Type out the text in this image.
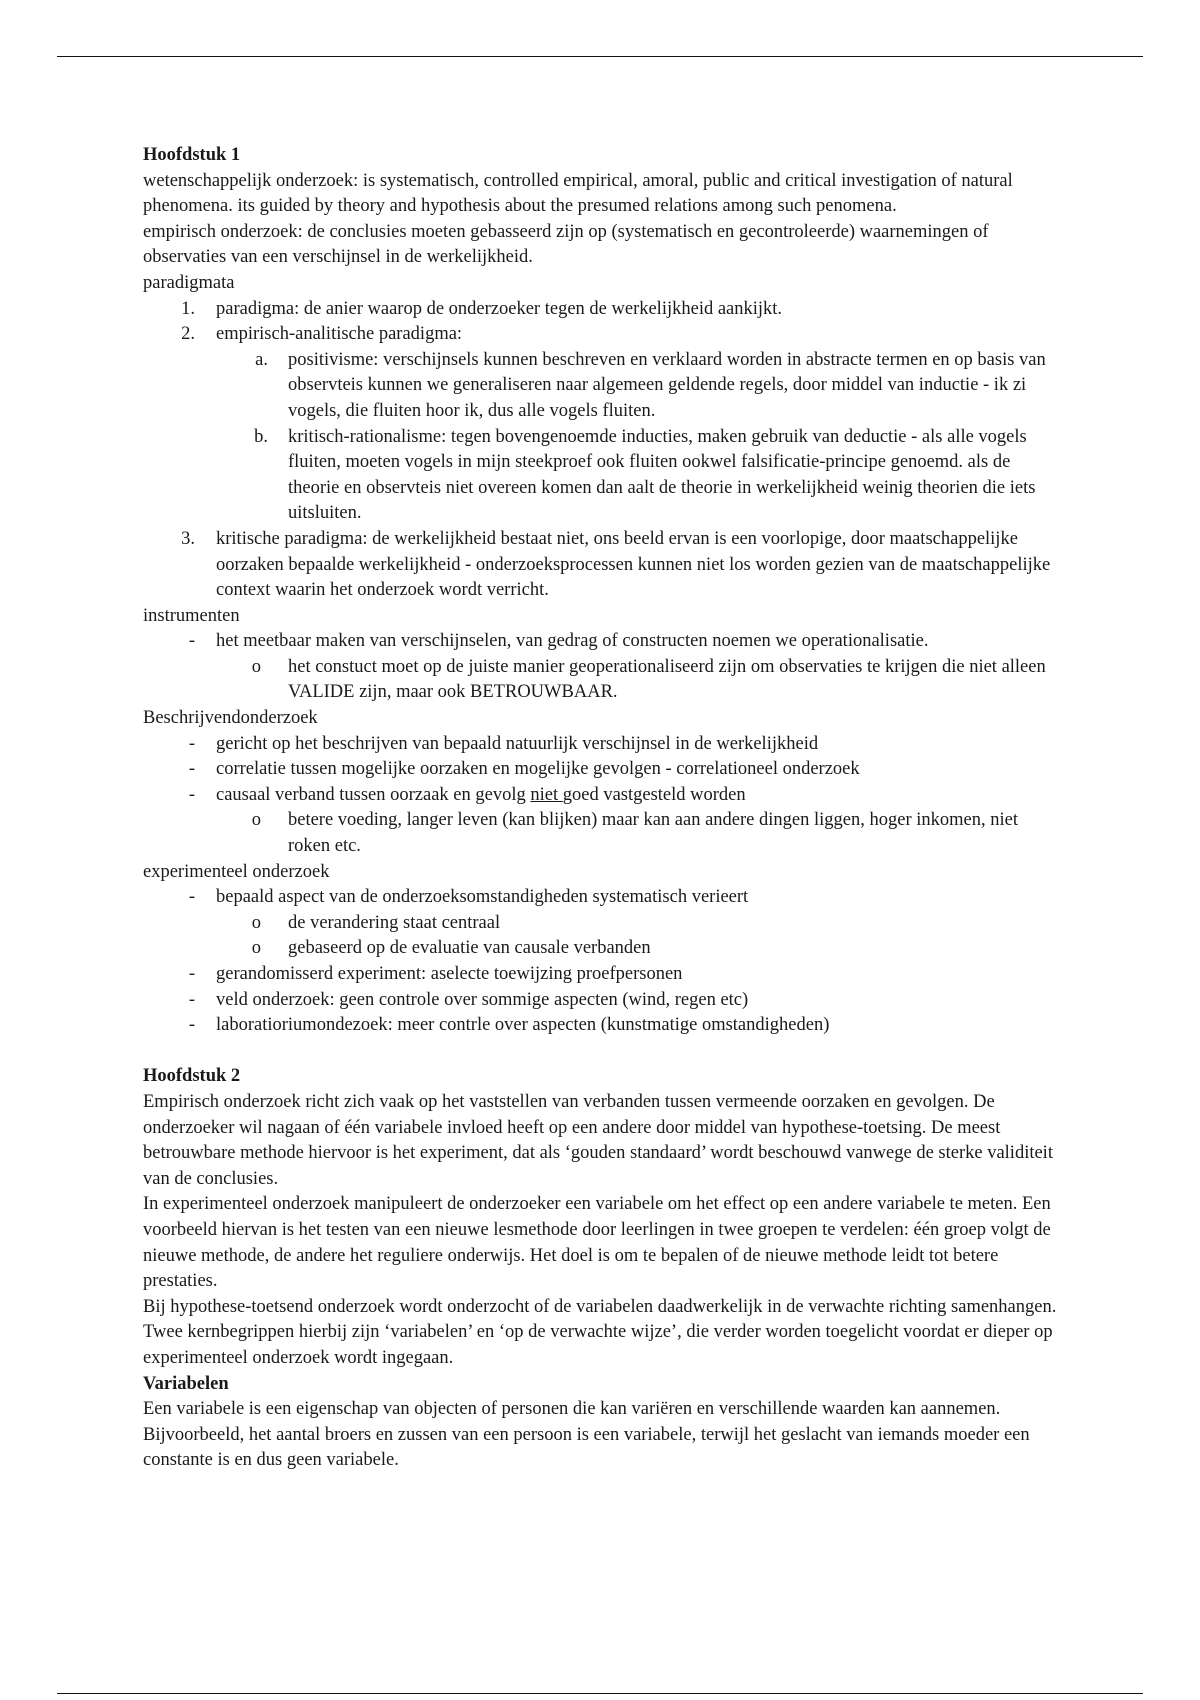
Hoofdstuk 1
wetenschappelijk onderzoek: is systematisch, controlled empirical, amoral, public and critical investigation of natural phenomena. its guided by theory and hypothesis about the presumed relations among such penomena.
empirisch onderzoek: de conclusies moeten gebasseerd zijn op (systematisch en gecontroleerde) waarnemingen of observaties van een verschijnsel in de werkelijkheid.
paradigmata
1. paradigma: de anier waarop de onderzoeker tegen de werkelijkheid aankijkt.
2. empirisch-analitische paradigma:
a. positivisme: verschijnsels kunnen beschreven en verklaard worden in abstracte termen en op basis van observteis kunnen we generaliseren naar algemeen geldende regels, door middel van inductie - ik zi vogels, die fluiten hoor ik, dus alle vogels fluiten.
b. kritisch-rationalisme: tegen bovengenoemde inducties, maken gebruik van deductie - als alle vogels fluiten, moeten vogels in mijn steekproef ook fluiten ookwel falsificatie-principe genoemd. als de theorie en observteis niet overeen komen dan aalt de theorie in werkelijkheid weinig theorien die iets uitsluiten.
3. kritische paradigma: de werkelijkheid bestaat niet, ons beeld ervan is een voorlopige, door maatschappelijke oorzaken bepaalde werkelijkheid - onderzoeksprocessen kunnen niet los worden gezien van de maatschappelijke context waarin het onderzoek wordt verricht.
instrumenten
- het meetbaar maken van verschijnselen, van gedrag of constructen noemen we operationalisatie.
o het constuct moet op de juiste manier geoperationaliseerd zijn om observaties te krijgen die niet alleen VALIDE zijn, maar ook BETROUWBAAR.
Beschrijvendonderzoek
- gericht op het beschrijven van bepaald natuurlijk verschijnsel in de werkelijkheid
- correlatie tussen mogelijke oorzaken en mogelijke gevolgen - correlationeel onderzoek
- causaal verband tussen oorzaak en gevolg niet goed vastgesteld worden
o betere voeding, langer leven (kan blijken) maar kan aan andere dingen liggen, hoger inkomen, niet roken etc.
experimenteel onderzoek
- bepaald aspect van de onderzoeksomstandigheden systematisch verieert
o de verandering staat centraal
o gebaseerd op de evaluatie van causale verbanden
- gerandomisserd experiment: aselecte toewijzing proefpersonen
- veld onderzoek: geen controle over sommige aspecten (wind, regen etc)
- laboratioriumondezoek: meer contrle over aspecten (kunstmatige omstandigheden)
Hoofdstuk 2
Empirisch onderzoek richt zich vaak op het vaststellen van verbanden tussen vermeende oorzaken en gevolgen. De onderzoeker wil nagaan of één variabele invloed heeft op een andere door middel van hypothese-toetsing. De meest betrouwbare methode hiervoor is het experiment, dat als ‘gouden standaard’ wordt beschouwd vanwege de sterke validiteit van de conclusies.
In experimenteel onderzoek manipuleert de onderzoeker een variabele om het effect op een andere variabele te meten. Een voorbeeld hiervan is het testen van een nieuwe lesmethode door leerlingen in twee groepen te verdelen: één groep volgt de nieuwe methode, de andere het reguliere onderwijs. Het doel is om te bepalen of de nieuwe methode leidt tot betere prestaties.
Bij hypothese-toetsend onderzoek wordt onderzocht of de variabelen daadwerkelijk in de verwachte richting samenhangen. Twee kernbegrippen hierbij zijn ‘variabelen’ en ‘op de verwachte wijze’, die verder worden toegelicht voordat er dieper op experimenteel onderzoek wordt ingegaan.
Variabelen
Een variabele is een eigenschap van objecten of personen die kan variëren en verschillende waarden kan aannemen. Bijvoorbeeld, het aantal broers en zussen van een persoon is een variabele, terwijl het geslacht van iemands moeder een constante is en dus geen variabele.
